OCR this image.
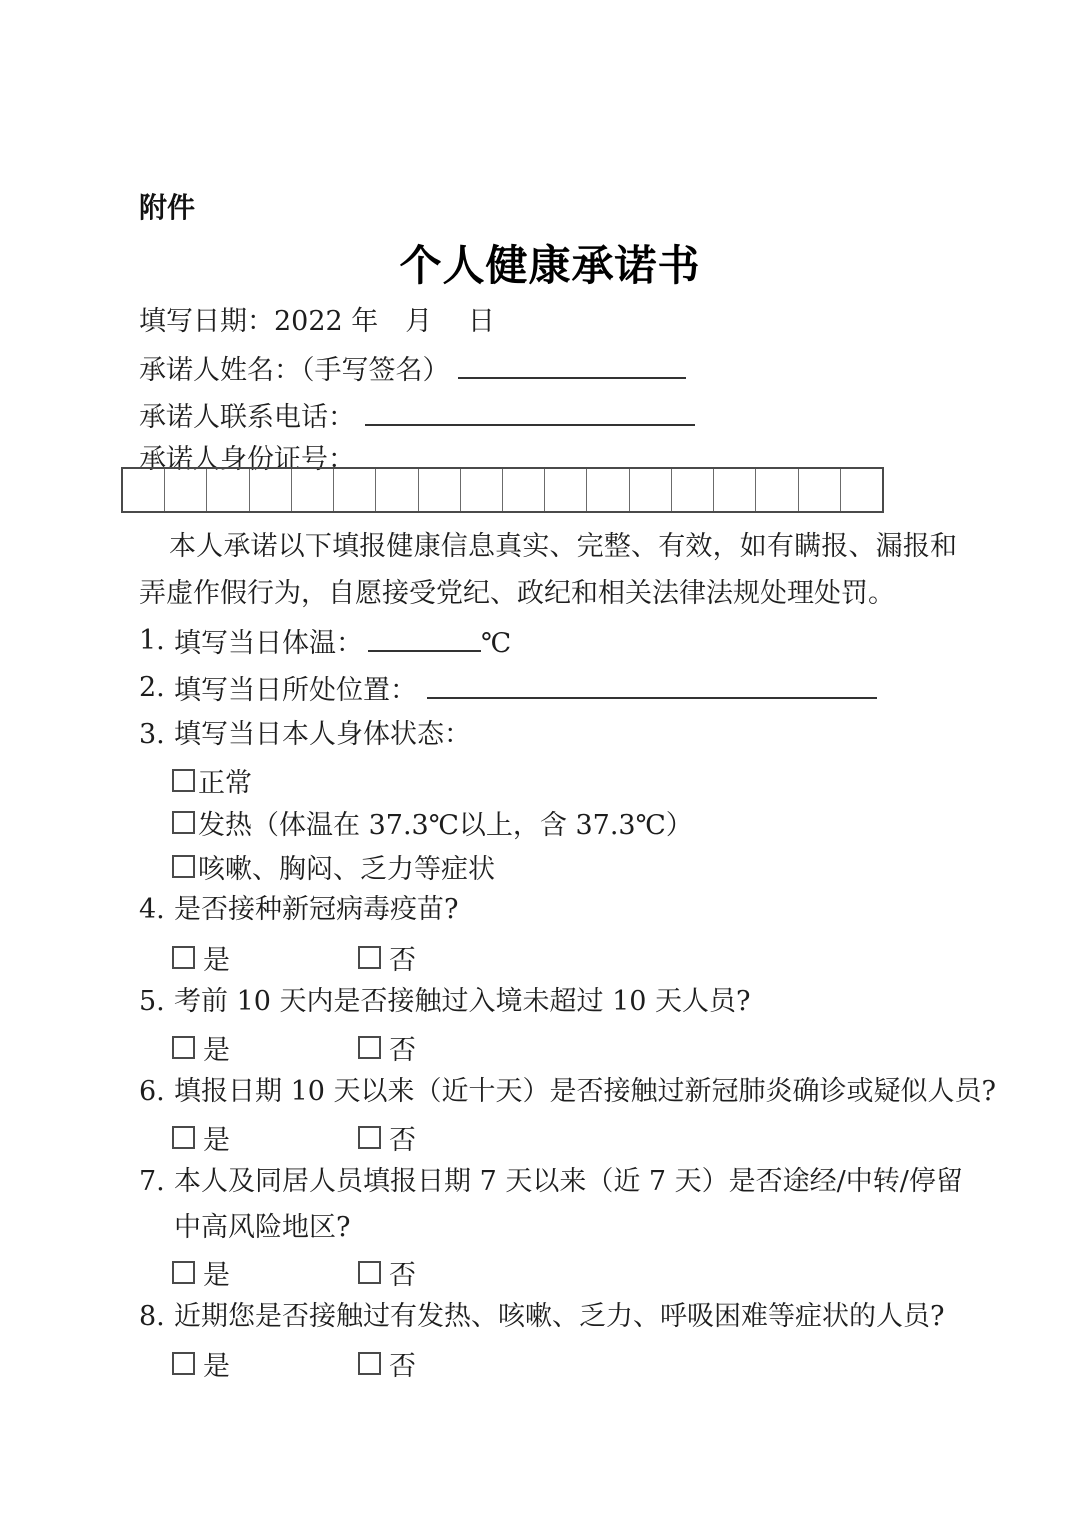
附件
个人健康承诺书
填写日期：2022 年　月　 日
承诺人姓名：（手写签名）
承诺人联系电话：
承诺人身份证号：
本人承诺以下填报健康信息真实、完整、有效，如有瞒报、漏报和弄虚作假行为，自愿接受党纪、政纪和相关法律法规处理处罚。
1. 填写当日体温：	℃
2. 填写当日所处位置：
3. 填写当日本人身体状态：
正常
发热（体温在 37.3℃以上，含 37.3℃）
咳嗽、胸闷、乏力等症状
4. 是否接种新冠病毒疫苗?
是	否
5. 考前 10 天内是否接触过入境未超过 10 天人员?
是	否
6. 填报日期 10 天以来（近十天）是否接触过新冠肺炎确诊或疑似人员?
是	否
7. 本人及同居人员填报日期 7 天以来（近 7 天）是否途经/中转/停留中高风险地区?
是	否
8. 近期您是否接触过有发热、咳嗽、乏力、呼吸困难等症状的人员?
是	否
